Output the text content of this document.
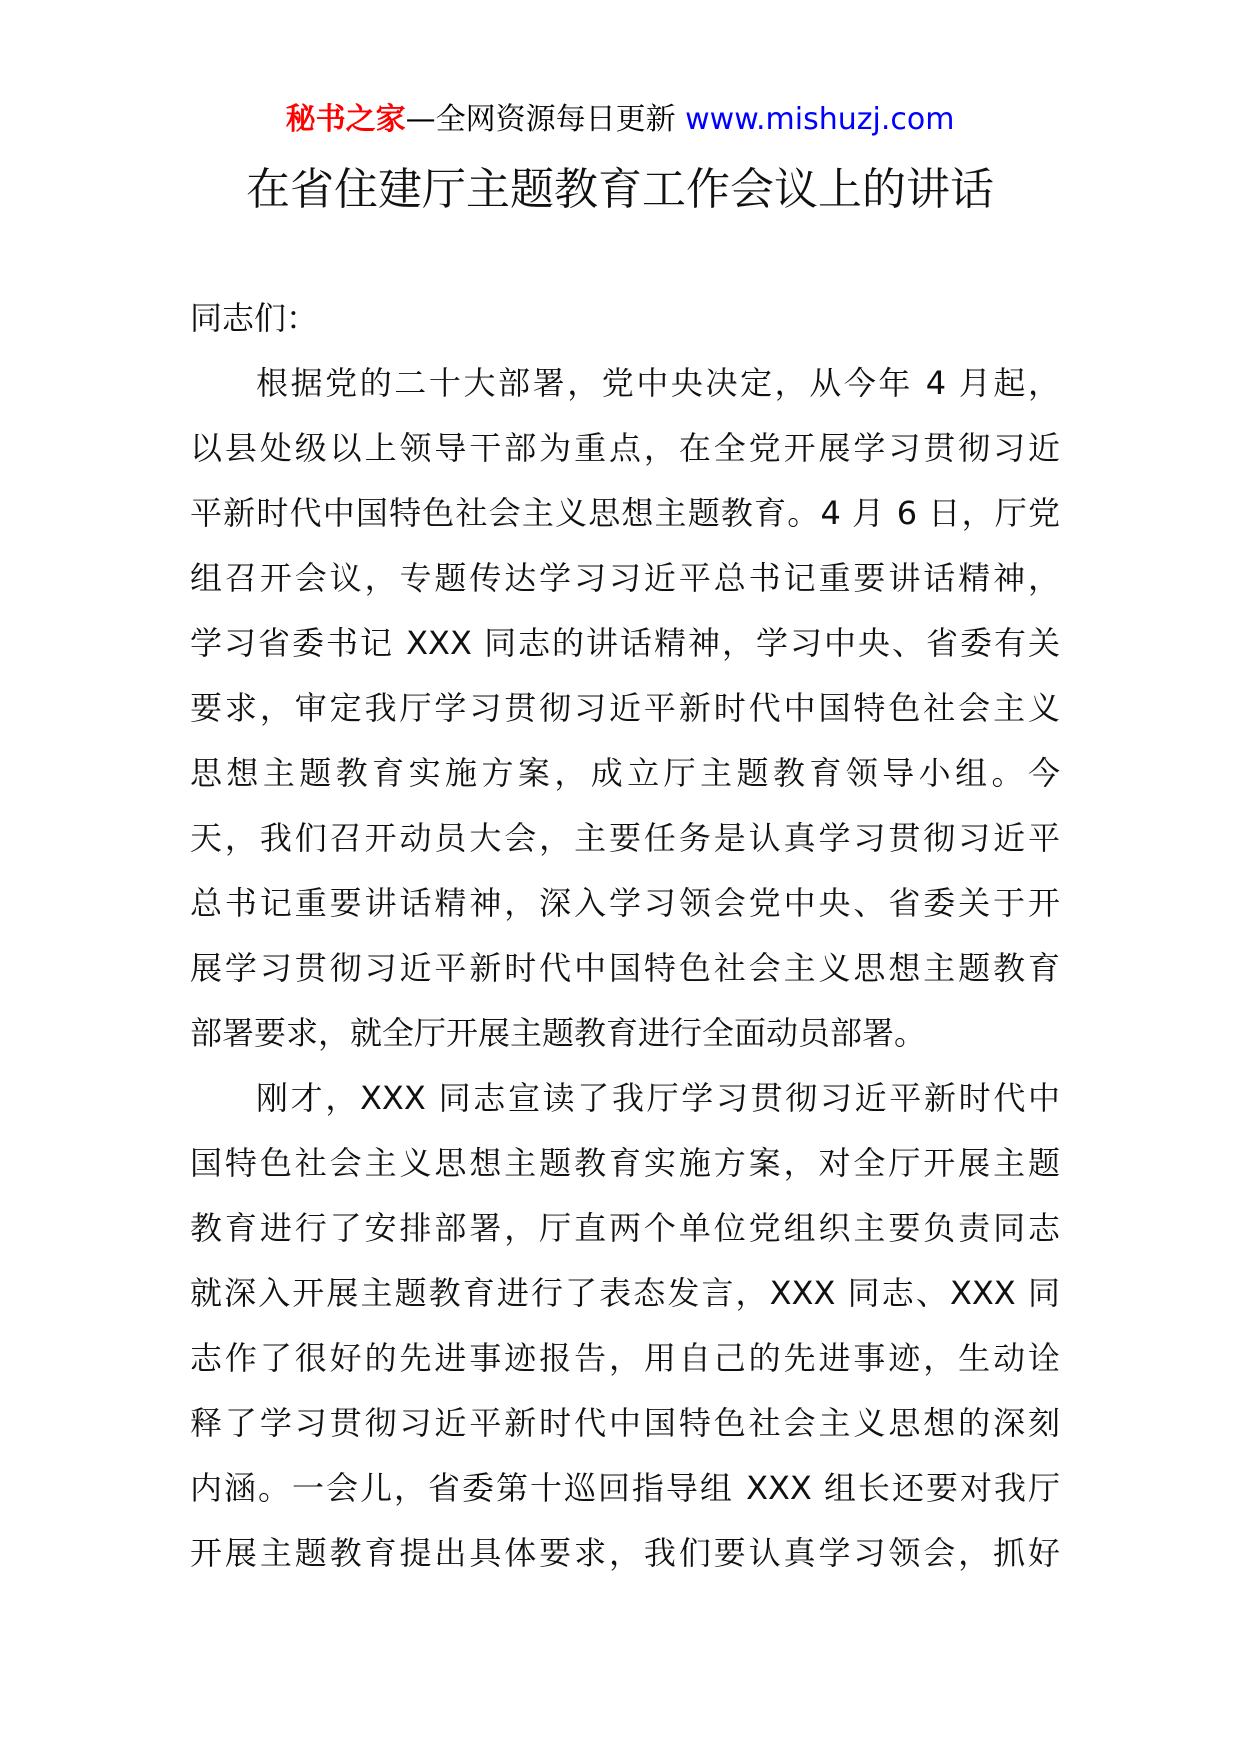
秘书之家—全网资源每日更新 www.mishuzj.com
在省住建厅主题教育工作会议上的讲话
同志们：
根据党的二十大部署，党中央决定，从今年 4 月起，
以县处级以上领导干部为重点，在全党开展学习贯彻习近
平新时代中国特色社会主义思想主题教育。4 月 6 日，厅党
组召开会议，专题传达学习习近平总书记重要讲话精神，
学习省委书记 XXX 同志的讲话精神，学习中央、省委有关
要求，审定我厅学习贯彻习近平新时代中国特色社会主义
思想主题教育实施方案，成立厅主题教育领导小组。今
天，我们召开动员大会，主要任务是认真学习贯彻习近平
总书记重要讲话精神，深入学习领会党中央、省委关于开
展学习贯彻习近平新时代中国特色社会主义思想主题教育
部署要求，就全厅开展主题教育进行全面动员部署。
刚才，XXX 同志宣读了我厅学习贯彻习近平新时代中
国特色社会主义思想主题教育实施方案，对全厅开展主题
教育进行了安排部署，厅直两个单位党组织主要负责同志
就深入开展主题教育进行了表态发言，XXX 同志、XXX 同
志作了很好的先进事迹报告，用自己的先进事迹，生动诠
释了学习贯彻习近平新时代中国特色社会主义思想的深刻
内涵。一会儿，省委第十巡回指导组 XXX 组长还要对我厅
开展主题教育提出具体要求，我们要认真学习领会，抓好
